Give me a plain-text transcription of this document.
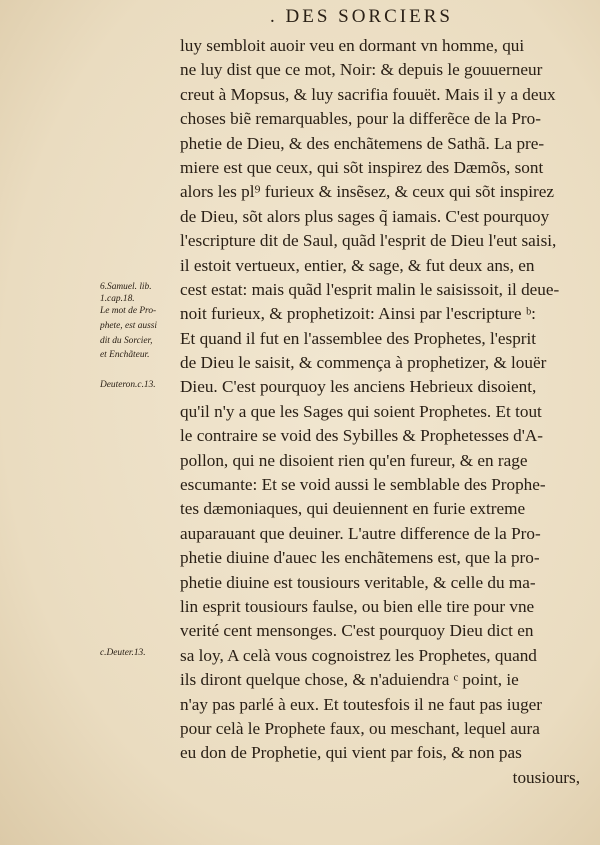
. DES SORCIERS
luy sembloit auoir veu en dormant vn homme, qui
ne luy dist que ce mot, Noir: & depuis le gouuerneur
creut à Mopsus, & luy sacrifia fouuët. Mais il y a deux
choses biẽ remarquables, pour la differẽce de la Pro-
phetie de Dieu, & des enchãtemens de Sathã. La pre-
miere est que ceux, qui sõt inspirez des Dæmõs, sont
alors les pl⁹ furieux & insẽsez, & ceux qui sõt inspirez
de Dieu, sõt alors plus sages q̃ iamais. C'est pourquoy
l'escripture dit de Saul, quãd l'esprit de Dieu l'eut saisi,
il estoit vertueux, entier, & sage, & fut deux ans, en
cest estat: mais quãd l'esprit malin le saisissoit, il deue-
noit furieux, & prophetizoit: Ainsi par l'escripture ᵇ:
Et quand il fut en l'assemblee des Prophetes, l'esprit
de Dieu le saisit, & commença à prophetizer, & louër
Dieu. C'est pourquoy les anciens Hebrieux disoient,
qu'il n'y a que les Sages qui soient Prophetes. Et tout
le contraire se void des Sybilles & Prophetesses d'A-
pollon, qui ne disoient rien qu'en fureur, & en rage
escumante: Et se void aussi le semblable des Prophe-
tes dæmoniaques, qui deuiennent en furie extreme
auparauant que deuiner. L'autre difference de la Pro-
phetie diuine d'auec les enchãtemens est, que la pro-
phetie diuine est tousiours veritable, & celle du ma-
lin esprit tousiours faulse, ou bien elle tire pour vne
verité cent mensonges. C'est pourquoy Dieu dict en
sa loy, A celà vous cognoistrez les Prophetes, quand
ils diront quelque chose, & n'aduiendra ᶜ point, ie
n'ay pas parlé à eux. Et toutesfois il ne faut pas iuger
pour celà le Prophete faux, ou meschant, lequel aura
eu don de Prophetie, qui vient par fois, & non pas
tousiours,
6.Samuel. lib.
1.cap.18.
Le mot de Pro-
phete, est aussi
dit du Sorcier,
et Enchãteur.
Deuteron.c.13.
c.Deuter.13.
